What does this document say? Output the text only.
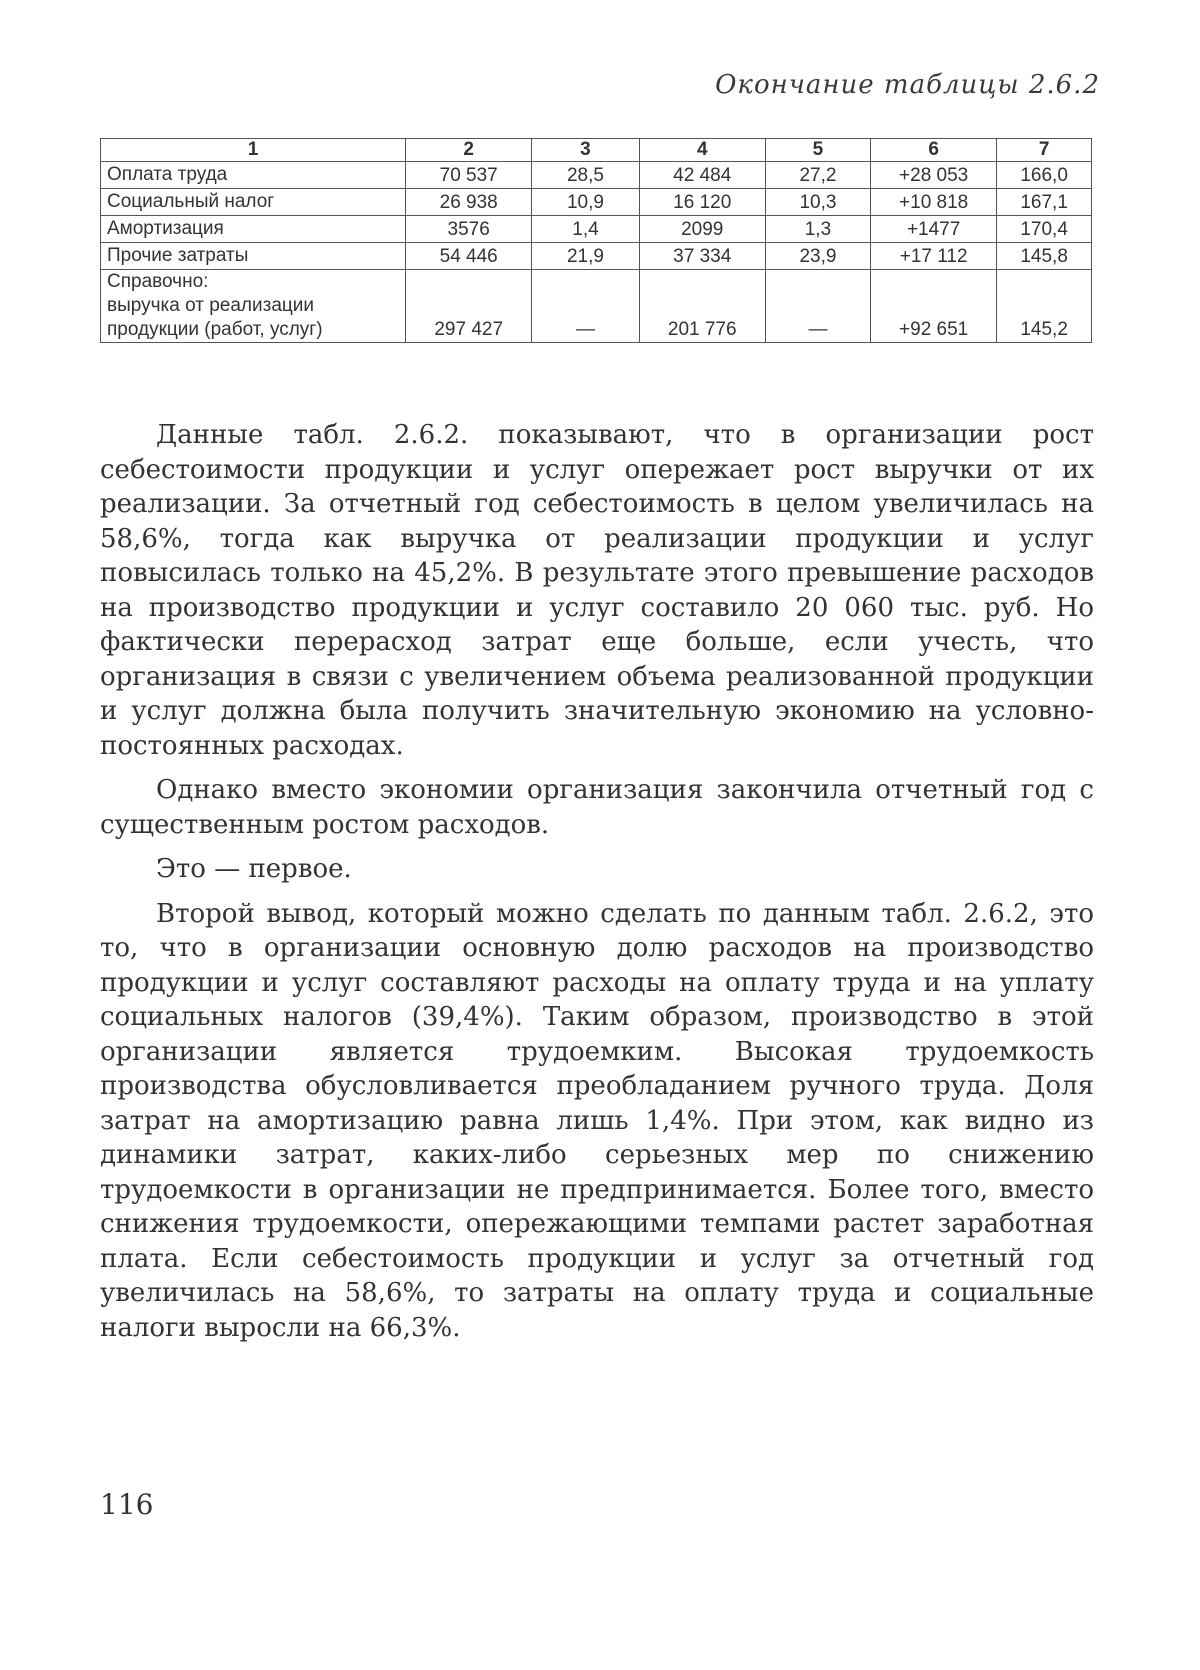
Окончание таблицы 2.6.2
1	2	3	4	5	6	7
Оплата труда	70 537	28,5	42 484	27,2	+28 053	166,0
Социальный налог	26 938	10,9	16 120	10,3	+10 818	167,1
Амортизация	3576	1,4	2099	1,3	+1477	170,4
Прочие затраты	54 446	21,9	37 334	23,9	+17 112	145,8

Справочно:
выручка от реализации
продукции (работ, услуг)	297 427	—	201 776	—	+92 651	145,2

Данные табл. 2.6.2. показывают, что в организации рост себестоимости продукции и услуг опережает рост выручки от их реализации. За отчетный год себестоимость в целом увеличилась на 58,6%, тогда как выручка от реализации продукции и услуг повысилась только на 45,2%. В результате этого превышение расходов на производство продукции и услуг составило 20 060 тыс. руб. Но фактически перерасход затрат еще больше, если учесть, что организация в связи с увеличением объема реализованной продукции и услуг должна была получить значительную экономию на условно-постоянных расходах.

Однако вместо экономии организация закончила отчетный год с существенным ростом расходов.

Это — первое.

Второй вывод, который можно сделать по данным табл. 2.6.2, это то, что в организации основную долю расходов на производство продукции и услуг составляют расходы на оплату труда и на уплату социальных налогов (39,4%). Таким образом, производство в этой организации является трудоемким. Высокая трудоемкость производства обусловливается преобладанием ручного труда. Доля затрат на амортизацию равна лишь 1,4%. При этом, как видно из динамики затрат, каких-либо серьезных мер по снижению трудоемкости в организации не предпринимается. Более того, вместо снижения трудоемкости, опережающими темпами растет заработная плата. Если себестоимость продукции и услуг за отчетный год увеличилась на 58,6%, то затраты на оплату труда и социальные налоги выросли на 66,3%.

116
